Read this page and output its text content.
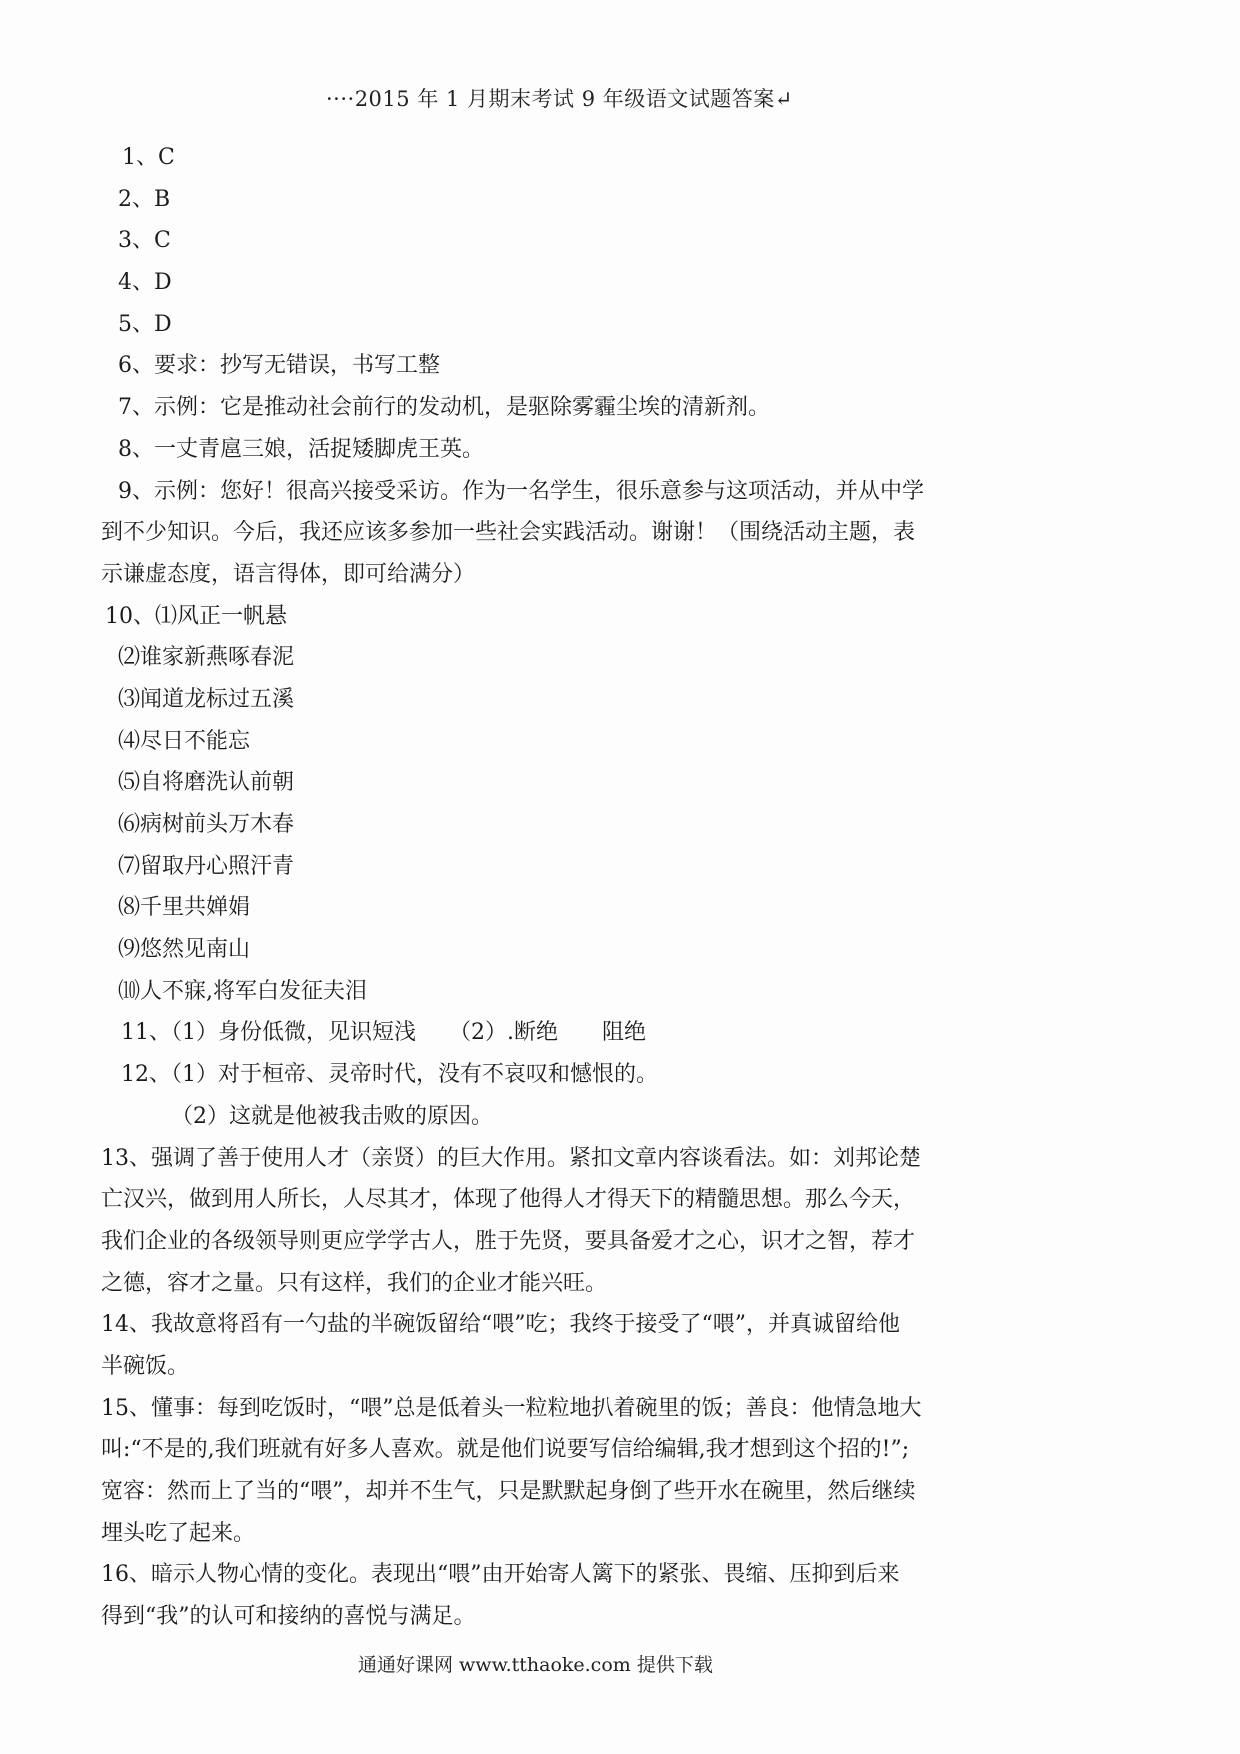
····2015 年 1 月期末考试 9 年级语文试题答案↵
1、C
2、B
3、C
4、D
5、D
6、要求：抄写无错误，书写工整
7、示例：它是推动社会前行的发动机，是驱除雾霾尘埃的清新剂。
8、一丈青扈三娘，活捉矮脚虎王英。
9、示例：您好！很高兴接受采访。作为一名学生，很乐意参与这项活动，并从中学
到不少知识。今后，我还应该多参加一些社会实践活动。谢谢！（围绕活动主题，表
示谦虚态度，语言得体，即可给满分）
10、⑴风正一帆悬
⑵谁家新燕啄春泥
⑶闻道龙标过五溪
⑷尽日不能忘
⑸自将磨洗认前朝
⑹病树前头万木春
⑺留取丹心照汗青
⑻千里共婵娟
⑼悠然见南山
⑽人不寐,将军白发征夫泪
11、（1）身份低微，见识短浅　　（2）.断绝　　阻绝
12、（1）对于桓帝、灵帝时代，没有不哀叹和憾恨的。
（2）这就是他被我击败的原因。
13、强调了善于使用人才（亲贤）的巨大作用。紧扣文章内容谈看法。如：刘邦论楚
亡汉兴，做到用人所长，人尽其才，体现了他得人才得天下的精髓思想。那么今天，
我们企业的各级领导则更应学学古人，胜于先贤，要具备爱才之心，识才之智，荐才
之德，容才之量。只有这样，我们的企业才能兴旺。
14、我故意将舀有一勺盐的半碗饭留给“喂”吃；我终于接受了“喂”，并真诚留给他
半碗饭。
15、懂事：每到吃饭时，“喂”总是低着头一粒粒地扒着碗里的饭；善良：他情急地大
叫:“不是的,我们班就有好多人喜欢。就是他们说要写信给编辑,我才想到这个招的!”;
宽容：然而上了当的“喂”，却并不生气，只是默默起身倒了些开水在碗里，然后继续
埋头吃了起来。
16、暗示人物心情的变化。表现出“喂”由开始寄人篱下的紧张、畏缩、压抑到后来
得到“我”的认可和接纳的喜悦与满足。
通通好课网 www.tthaoke.com 提供下载
